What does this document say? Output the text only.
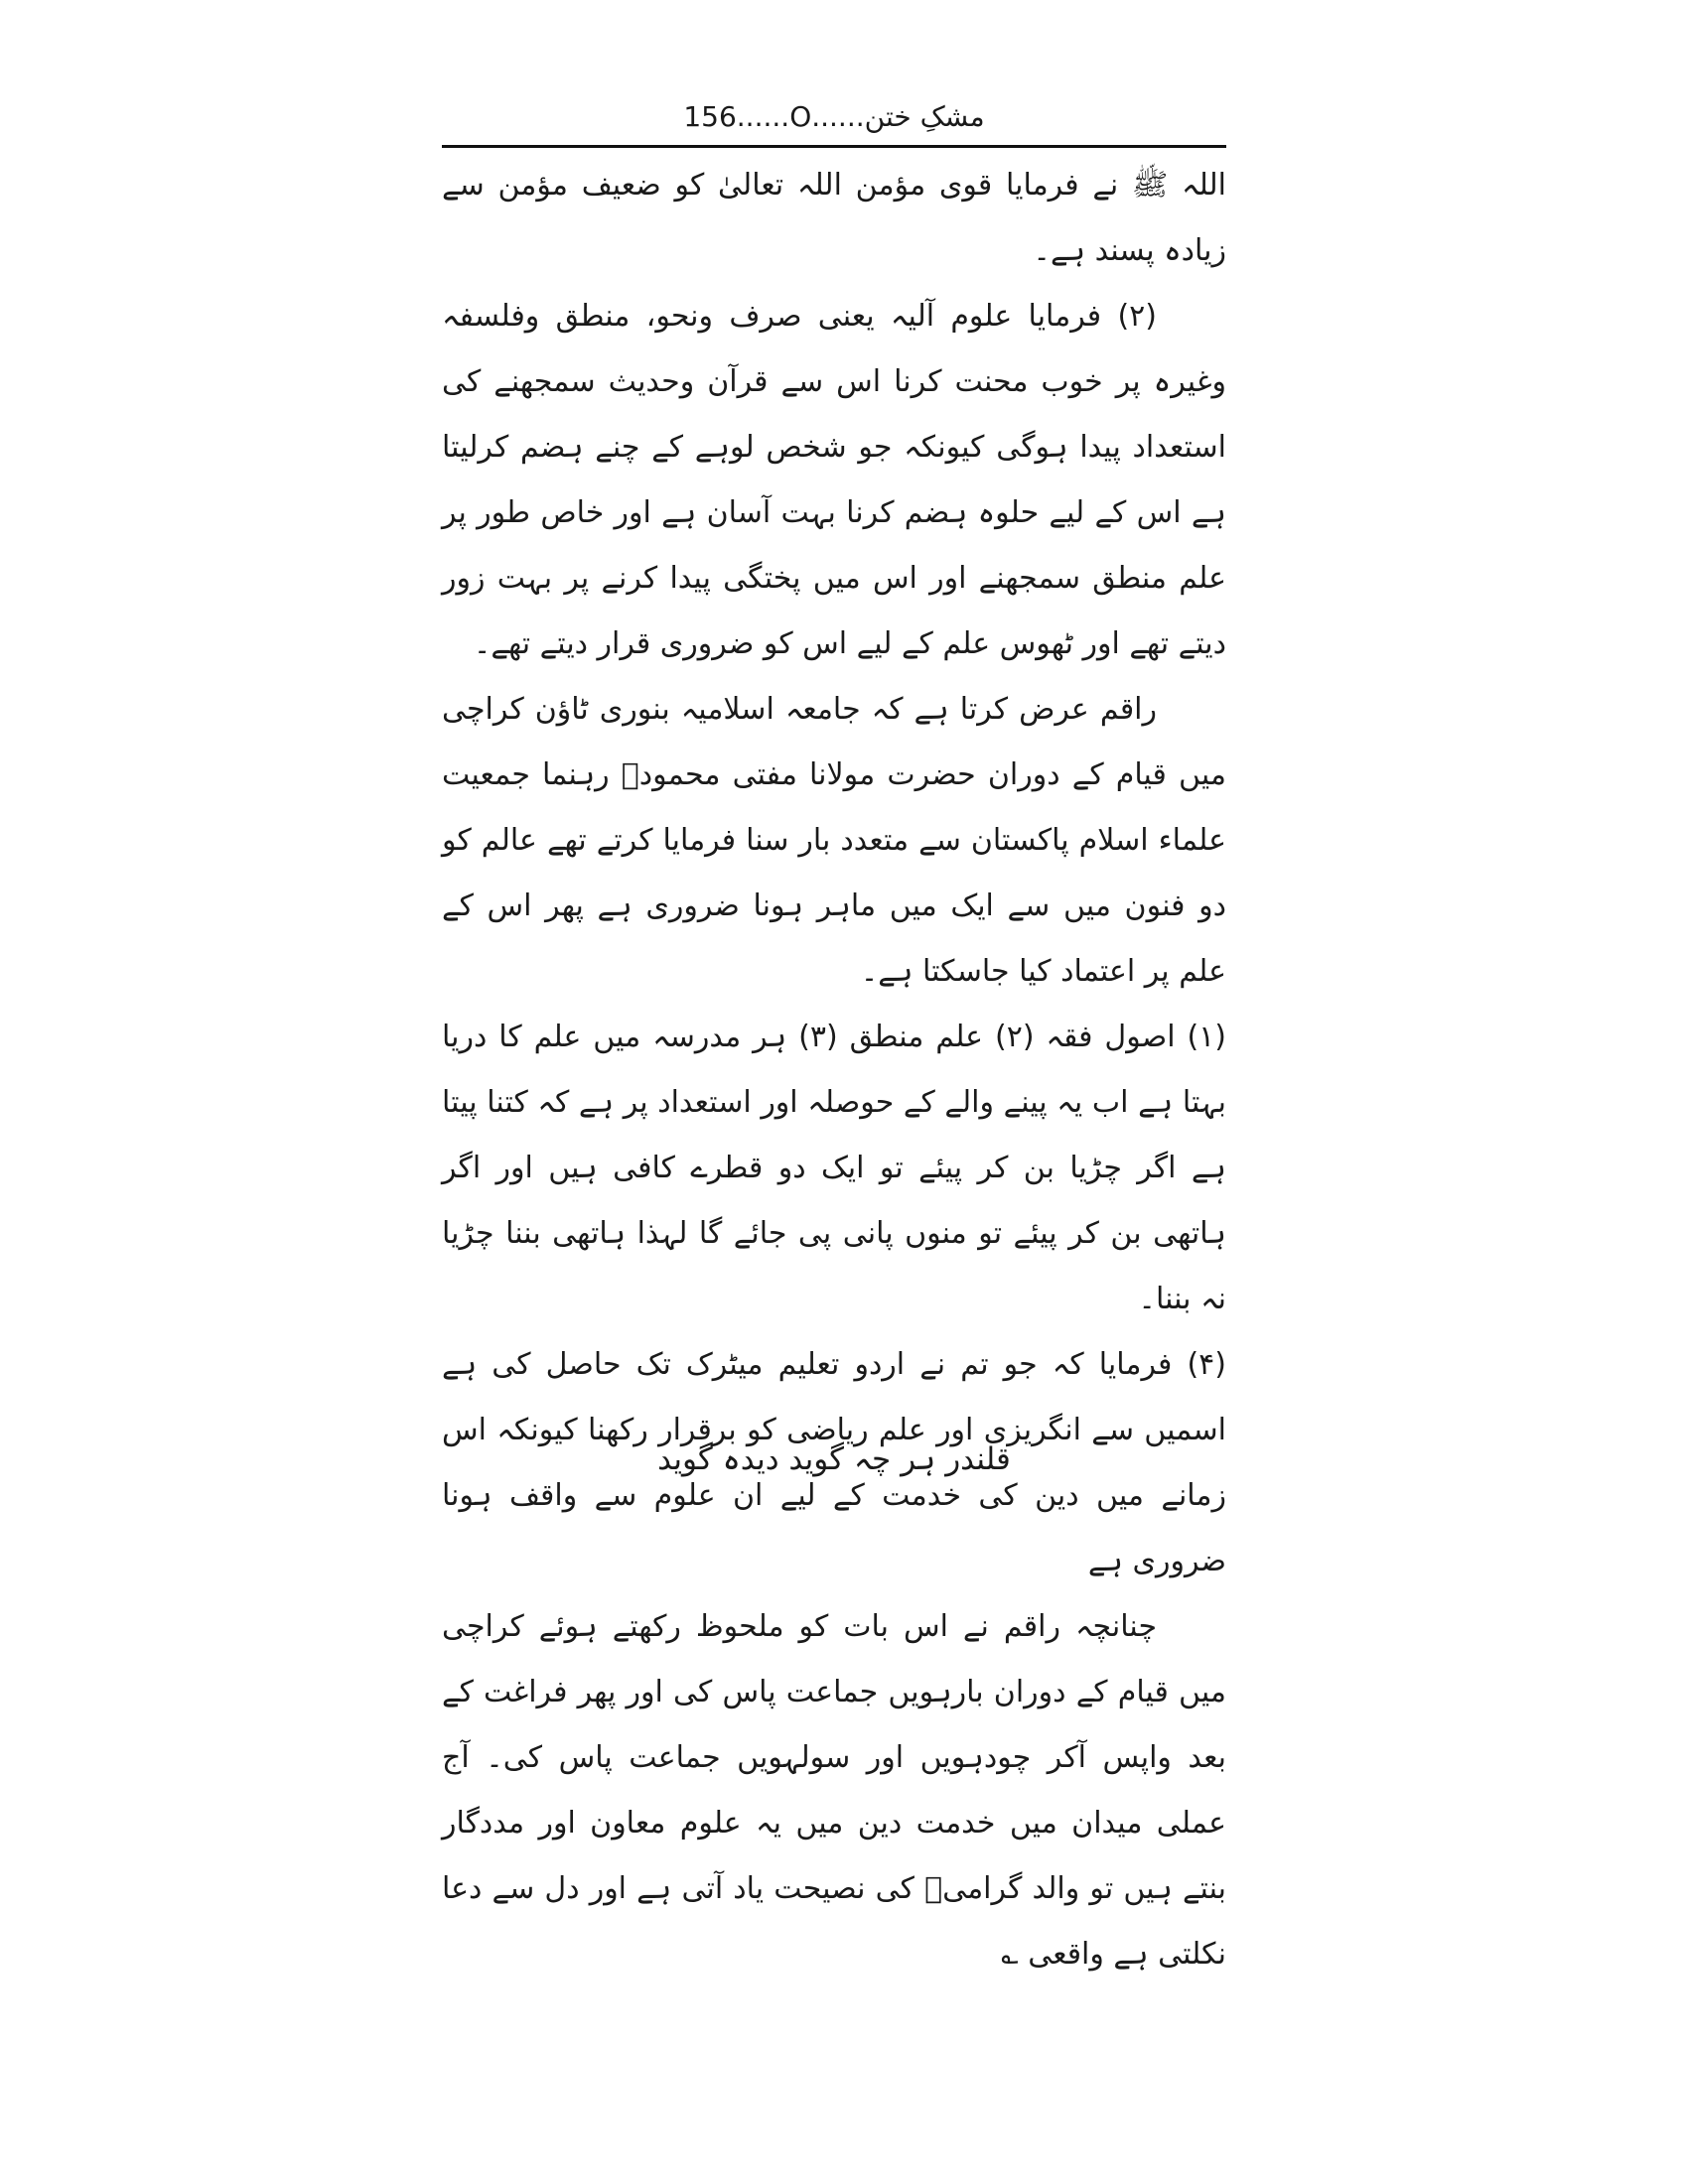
مشکِ ختن......O......156

اللہ ﷺ نے فرمایا قوی مؤمن اللہ تعالیٰ کو ضعیف مؤمن سے زیادہ پسند ہے۔

(۲) فرمایا علوم آلیہ یعنی صرف ونحو، منطق وفلسفہ وغیرہ پر خوب محنت کرنا اس سے قرآن وحدیث سمجھنے کی استعداد پیدا ہوگی کیونکہ جو شخص لوہے کے چنے ہضم کرلیتا ہے اس کے لیے حلوہ ہضم کرنا بہت آسان ہے اور خاص طور پر علم منطق سمجھنے اور اس میں پختگی پیدا کرنے پر بہت زور دیتے تھے اور ٹھوس علم کے لیے اس کو ضروری قرار دیتے تھے۔

راقم عرض کرتا ہے کہ جامعہ اسلامیہ بنوری ٹاؤن کراچی میں قیام کے دوران حضرت مولانا مفتی محمودؒ رہنما جمعیت علماء اسلام پاکستان سے متعدد بار سنا فرمایا کرتے تھے عالم کو دو فنون میں سے ایک میں ماہر ہونا ضروری ہے پھر اس کے علم پر اعتماد کیا جاسکتا ہے۔

(۱) اصول فقہ (۲) علم منطق (۳) ہر مدرسہ میں علم کا دریا بہتا ہے اب یہ پینے والے کے حوصلہ اور استعداد پر ہے کہ کتنا پیتا ہے اگر چڑیا بن کر پیئے تو ایک دو قطرے کافی ہیں اور اگر ہاتھی بن کر پیئے تو منوں پانی پی جائے گا لہذا ہاتھی بننا چڑیا نہ بننا۔

(۴) فرمایا کہ جو تم نے اردو تعلیم میٹرک تک حاصل کی ہے اسمیں سے انگریزی اور علم ریاضی کو برقرار رکھنا کیونکہ اس زمانے میں دین کی خدمت کے لیے ان علوم سے واقف ہونا ضروری ہے

چنانچہ راقم نے اس بات کو ملحوظ رکھتے ہوئے کراچی میں قیام کے دوران بارہویں جماعت پاس کی اور پھر فراغت کے بعد واپس آکر چودہویں اور سولہویں جماعت پاس کی۔ آج عملی میدان میں خدمت دین میں یہ علوم معاون اور مددگار بنتے ہیں تو والد گرامیؒ کی نصیحت یاد آتی ہے اور دل سے دعا نکلتی ہے واقعی ؎

قلندر ہر چہ گوید دیدہ گوید
